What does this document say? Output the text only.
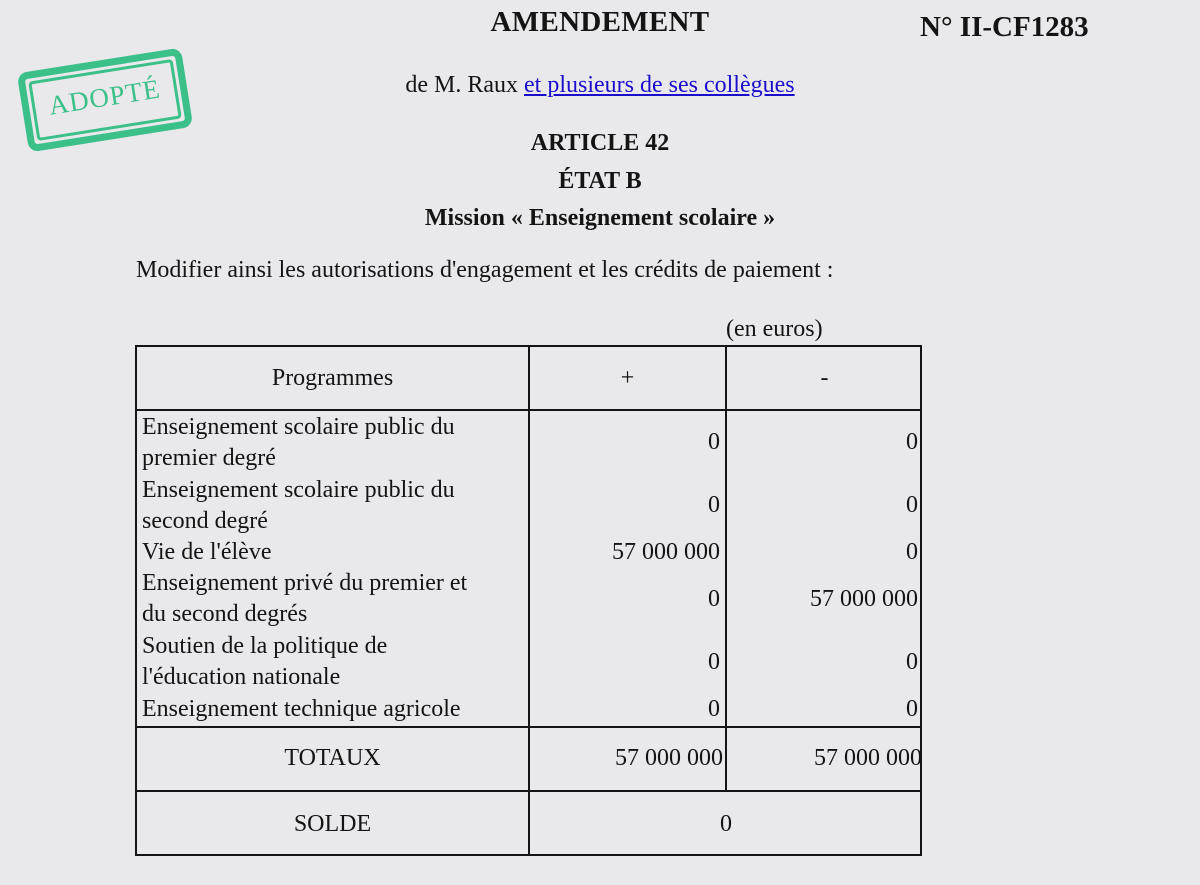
ADOPTÉ
AMENDEMENT	N° II-CF1283
de M. Raux et plusieurs de ses collègues
ARTICLE 42
ÉTAT B
Mission « Enseignement scolaire »
Modifier ainsi les autorisations d'engagement et les crédits de paiement :
(en euros)
Programmes	+	-
Enseignement scolaire public du
premier degré
0	0
Enseignement scolaire public du
second degré
0	0
Vie de l'élève	57 000 000	0
Enseignement privé du premier et
du second degrés
0	57 000 000
Soutien de la politique de
l'éducation nationale
0	0
Enseignement technique agricole	0	0
TOTAUX	57 000 000	57 000 000
SOLDE	0
